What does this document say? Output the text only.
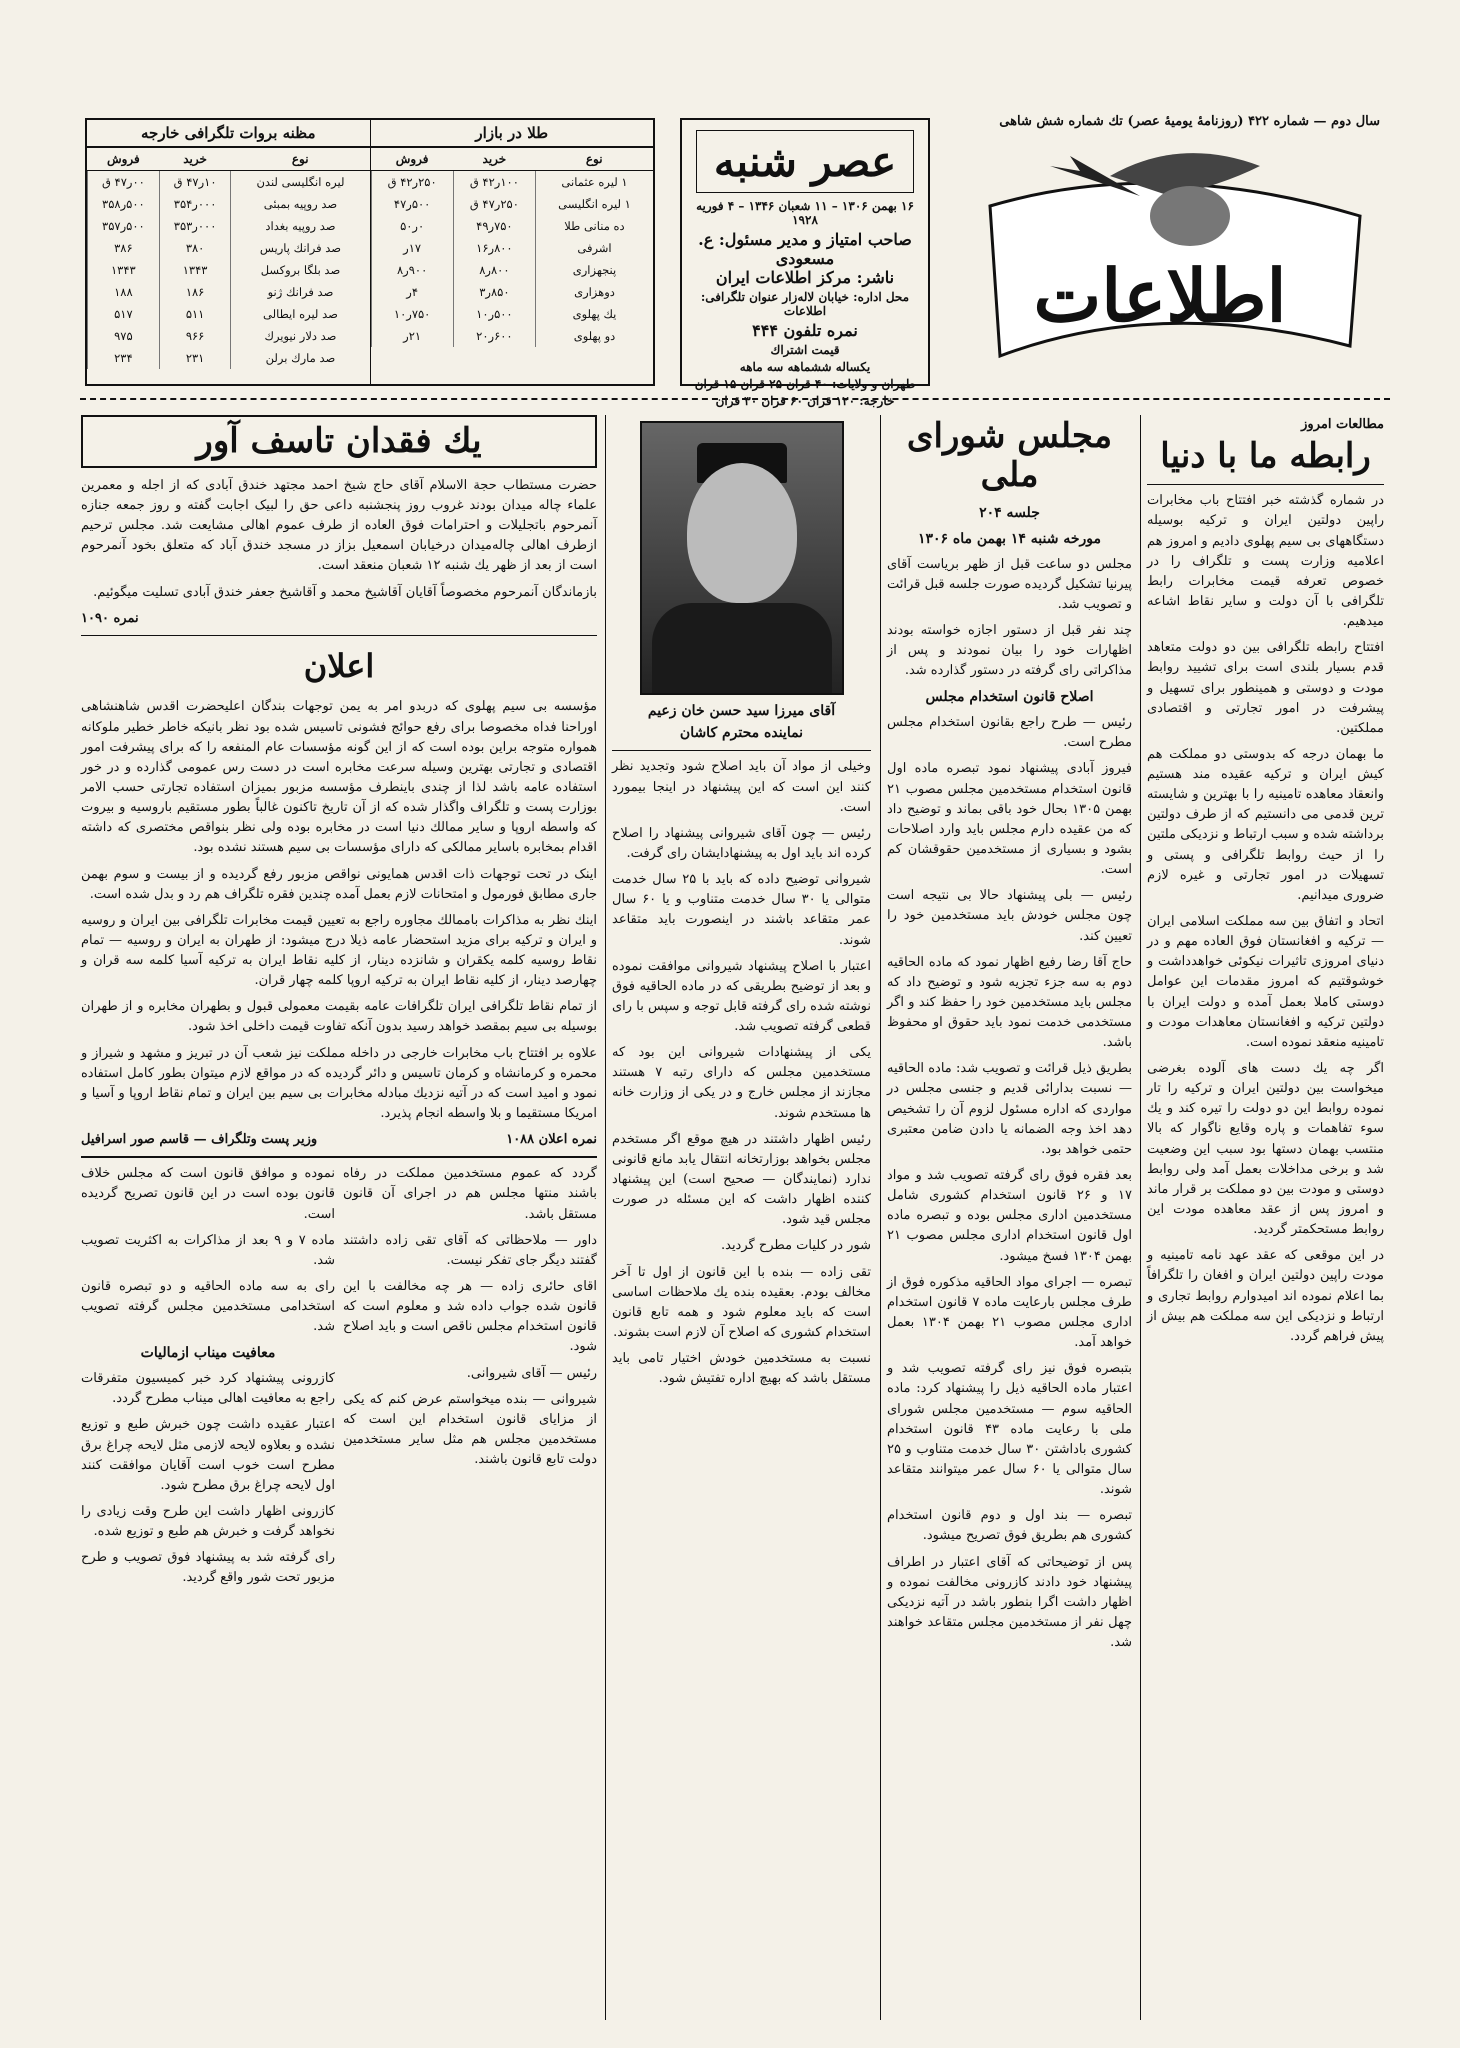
سال دوم — شماره ۴۲۲ (روزنامهٔ یومیهٔ عصر) تك شماره شش شاهی
اطلاعات
عصر شنبه
۱۶ بهمن ۱۳۰۶ – ۱۱ شعبان ۱۳۴۶ – ۴ فوریه ۱۹۲۸
صاحب امتیاز و مدیر مسئول: ع. مسعودی
ناشر: مرکز اطلاعات ایران
محل اداره: خیابان لاله‌زار عنوان تلگرافی: اطلاعات
نمره تلفون ۴۴۴
قیمت اشتراك
یکساله ششماهه سه ماهه
طهران و ولایات: ۴۰ قران ۲۵ قران ۱۵ قران
خارجه: ۱۲۰ قران ۶۰ قران ۳۰ قران
طلا در بازار
نوع	خرید	فروش
۱ لیره عثمانی	۱۰۰ر۴۲ ق	۲۵۰ر۴۲ ق
۱ لیره انگلیسی	۲۵۰ر۴۷ ق	۵۰۰ر۴۷
ده منانی طلا	۷۵۰ر۴۹	۰ر۵۰
اشرفی	۸۰۰ر۱۶	۱۷ر
پنجهزاری	۸۰۰ر۸	۹۰۰ر۸
دوهزاری	۸۵۰ر۳	۴ر
یك پهلوی	۵۰۰ر۱۰	۷۵۰ر۱۰
دو پهلوی	۶۰۰ر۲۰	۲۱ر
مظنه بروات تلگرافی خارجه
نوع	خرید	فروش
لیره انگلیسی لندن	۱۰ر۴۷ ق	۰۰ر۴۷ ق
صد روپیه بمبئی	۰۰۰ر۳۵۴	۵۰۰ر۳۵۸
صد روپیه بغداد	۰۰۰ر۳۵۳	۵۰۰ر۳۵۷
صد فرانك پاریس	۳۸۰	۳۸۶
صد بلگا بروکسل	۱۳۴۳	۱۳۴۳
صد فرانك ژنو	۱۸۶	۱۸۸
صد لیره ایطالی	۵۱۱	۵۱۷
صد دلار نیویرك	۹۶۶	۹۷۵
صد مارك برلن	۲۳۱	۲۳۴
مطالعات امروز
رابطه ما با دنیا

در شماره گذشته خبر افتتاح باب مخابرات راپین دولتین ایران و ترکیه بوسیله دستگاههای بی سیم پهلوی دادیم و امروز هم اعلامیه وزارت پست و تلگراف را در خصوص تعرفه قیمت مخابرات رابط تلگرافی با آن دولت و سایر نقاط اشاعه میدهیم.

افتتاح رابطه تلگرافی بین دو دولت متعاهد قدم بسیار بلندی است برای تشیید روابط مودت و دوستی و همینطور برای تسهیل و پیشرفت در امور تجارتی و اقتصادی مملکتین.

ما بهمان درجه که بدوستی دو مملکت هم کیش ایران و ترکیه عقیده مند هستیم وانعقاد معاهده تامینیه را با بهترین و شایسته ترین قدمی می دانستیم که از طرف دولتین برداشته شده و سبب ارتباط و نزدیکی ملتین را از حیث روابط تلگرافی و پستی و تسهیلات در امور تجارتی و غیره لازم ضروری میدانیم.

اتحاد و اتفاق بین سه مملکت اسلامی ایران — ترکیه و افغانستان فوق العاده مهم و در دنیای امروزی تاثیرات نیکوئی خواهدداشت و خوشوقتیم که امروز مقدمات این عوامل دوستی کاملا بعمل آمده و دولت ایران با دولتین ترکیه و افغانستان معاهدات مودت و تامینیه منعقد نموده است.

اگر چه یك دست های آلوده بغرضی میخواست بین دولتین ایران و ترکیه را تار نموده روابط این دو دولت را تیره کند و یك سوء تفاهمات و پاره وقایع ناگوار که بالا منتسب بهمان دستها بود سبب این وضعیت شد و برخی مداخلات بعمل آمد ولی روابط دوستی و مودت بین دو مملکت بر قرار ماند و امروز پس از عقد معاهده مودت این روابط مستحکمتر گردید.

در این موقعی که عقد عهد نامه تامینیه و مودت راپین دولتین ایران و افغان را تلگرافاً بما اعلام نموده اند امیدوارم روابط تجاری و ارتباط و نزدیکی این سه مملکت هم بیش از پیش فراهم گردد.

مجلس شورای ملی
جلسه ۲۰۴
مورخه شنبه ۱۴ بهمن ماه ۱۳۰۶

مجلس دو ساعت قبل از ظهر بریاست آقای پیرنیا تشکیل گردیده صورت جلسه قبل قرائت و تصویب شد.

چند نفر قبل از دستور اجازه خواسته بودند اظهارات خود را بیان نمودند و پس از مذاکراتی رای گرفته در دستور گذارده شد.

اصلاح قانون استخدام مجلس

رئیس — طرح راجع بقانون استخدام مجلس مطرح است.

فیروز آبادی پیشنهاد نمود تبصره ماده اول قانون استخدام مستخدمین مجلس مصوب ۲۱ بهمن ۱۳۰۵ بحال خود باقی بماند و توضیح داد که من عقیده دارم مجلس باید وارد اصلاحات بشود و بسیاری از مستخدمین حقوقشان کم است.

رئیس — بلی پیشنهاد حالا بی نتیجه است چون مجلس خودش باید مستخدمین خود را تعیین کند.

حاج آقا رضا رفیع اظهار نمود که ماده الحاقیه دوم به سه جزء تجزیه شود و توضیح داد که مجلس باید مستخدمین خود را حفظ کند و اگر مستخدمی خدمت نمود باید حقوق او محفوظ باشد.

بطریق ذیل قرائت و تصویب شد: ماده الحاقیه — نسبت بدارائی قدیم و جنسی مجلس در مواردی که اداره مسئول لزوم آن را تشخیص دهد اخذ وجه الضمانه یا دادن ضامن معتبری حتمی خواهد بود.

بعد فقره فوق رای گرفته تصویب شد و مواد ۱۷ و ۲۶ قانون استخدام کشوری شامل مستخدمین اداری مجلس بوده و تبصره ماده اول قانون استخدام اداری مجلس مصوب ۲۱ بهمن ۱۳۰۴ فسخ میشود.

تبصره — اجرای مواد الحاقیه مذکوره فوق از طرف مجلس بارعایت ماده ۷ قانون استخدام اداری مجلس مصوب ۲۱ بهمن ۱۳۰۴ بعمل خواهد آمد.

بتبصره فوق نیز رای گرفته تصویب شد و اعتبار ماده الحاقیه ذیل را پیشنهاد کرد: ماده الحاقیه سوم — مستخدمین مجلس شورای ملی با رعایت ماده ۴۳ قانون استخدام کشوری باداشتن ۳۰ سال خدمت متناوب و ۲۵ سال متوالی یا ۶۰ سال عمر میتوانند متقاعد شوند.

تبصره — بند اول و دوم قانون استخدام کشوری هم بطریق فوق تصریح میشود.

پس از توضیحاتی که آقای اعتبار در اطراف پیشنهاد خود دادند کازرونی مخالفت نموده و اظهار داشت اگرا بنطور باشد در آتیه نزدیکی چهل نفر از مستخدمین مجلس متقاعد خواهند شد.

آقای میرزا سید حسن خان زعیم
نماینده محترم کاشان

وخیلی از مواد آن باید اصلاح شود وتجدید نظر کنند این است که این پیشنهاد در اینجا بیمورد است.

رئیس — چون آقای شیروانی پیشنهاد را اصلاح کرده اند باید اول به پیشنهادایشان رای گرفت.

شیروانی توضیح داده که باید با ۲۵ سال خدمت متوالی یا ۳۰ سال خدمت متناوب و یا ۶۰ سال عمر متقاعد باشند در اینصورت باید متقاعد شوند.

اعتبار با اصلاح پیشنهاد شیروانی موافقت نموده و بعد از توضیح بطریقی که در ماده الحاقیه فوق نوشته شده رای گرفته قابل توجه و سپس با رای قطعی گرفته تصویب شد.

یکی از پیشنهادات شیروانی این بود که مستخدمین مجلس که دارای رتبه ۷ هستند مجازند از مجلس خارج و در یکی از وزارت خانه ها مستخدم شوند.

رئیس اظهار داشتند در هیچ موقع اگر مستخدم مجلس بخواهد بوزارتخانه انتقال یابد مانع قانونی ندارد (نمایندگان — صحیح است) این پیشنهاد کننده اظهار داشت که این مسئله در صورت مجلس قید شود.

شور در کلیات مطرح گردید.

تقی زاده — بنده با این قانون از اول تا آخر مخالف بودم. بعقیده بنده یك ملاحظات اساسی است که باید معلوم شود و همه تابع قانون استخدام کشوری که اصلاح آن لازم است بشوند.

نسبت به مستخدمین خودش اختیار تامی باید مستقل باشد که بهیچ اداره تفتیش شود.

یك فقدان تاسف آور

حضرت مستطاب حجة الاسلام آقای حاج شیخ احمد مجتهد خندق آبادی که از اجله و معمرین علماء چاله میدان بودند غروب روز پنجشنبه داعی حق را لبیک اجابت گفته و روز جمعه جنازه آنمرحوم باتجلیلات و احترامات فوق العاده از طرف عموم اهالی مشایعت شد. مجلس ترحیم ازطرف اهالی چاله‌میدان درخیابان اسمعیل بزاز در مسجد خندق آباد که متعلق بخود آنمرحوم است از بعد از ظهر یك شنبه ۱۲ شعبان منعقد است.

بازماندگان آنمرحوم مخصوصاً آقایان آقاشیخ محمد و آقاشیخ جعفر خندق آبادی تسلیت میگوئیم.

نمره ۱۰۹۰
اعلان

مؤسسه بی سیم پهلوی که دربدو امر به یمن توجهات بندگان اعلیحضرت اقدس شاهنشاهی اوراحنا فداه مخصوصا برای رفع حوائج فشونی تاسیس شده بود نظر بانیکه خاطر خطیر ملوکانه همواره متوجه براین بوده است که از این گونه مؤسسات عام المنفعه را که برای پیشرفت امور اقتصادی و تجارتی بهترین وسیله سرعت مخابره است در دست رس عمومی گذارده و در خور استفاده عامه باشد لذا از چندی باینطرف مؤسسه مزبور بمیزان استفاده تجارتی حسب الامر بوزارت پست و تلگراف واگذار شده که از آن تاریخ تاکنون غالباً بطور مستقیم باروسیه و بیروت که واسطه اروپا و سایر ممالك دنیا است در مخابره بوده ولی نظر بنواقص مختصری که داشته اقدام بمخابره باسایر ممالکی که دارای مؤسسات بی سیم هستند نشده بود.

اینک در تحت توجهات ذات اقدس همایونی نواقص مزبور رفع گردیده و از بیست و سوم بهمن جاری مطابق فورمول و امتحانات لازم بعمل آمده چندین فقره تلگراف هم رد و بدل شده است.

اینك نظر به مذاکرات باممالك مجاوره راجع به تعیین قیمت مخابرات تلگرافی بین ایران و روسیه و ایران و ترکیه برای مزید استحضار عامه ذیلا درج میشود: از طهران به ایران و روسیه — تمام نقاط روسیه کلمه یکقران و شانزده دینار، از کلیه نقاط ایران به ترکیه آسیا کلمه سه قران و چهارصد دینار، از کلیه نقاط ایران به ترکیه اروپا کلمه چهار قران.

از تمام نقاط تلگرافی ایران تلگرافات عامه بقیمت معمولی قبول و بطهران مخابره و از طهران بوسیله بی سیم بمقصد خواهد رسید بدون آنکه تفاوت قیمت داخلی اخذ شود.

علاوه بر افتتاح باب مخابرات خارجی در داخله مملکت نیز شعب آن در تبریز و مشهد و شیراز و محمره و کرمانشاه و کرمان تاسیس و دائر گردیده که در مواقع لازم میتوان بطور کامل استفاده نمود و امید است که در آتیه نزدیك مبادله مخابرات بی سیم بین ایران و تمام نقاط اروپا و آسیا و امریکا مستقیما و بلا واسطه انجام پذیرد.

نمره اعلان ۱۰۸۸
وزیر پست وتلگراف — قاسم صور اسرافیل

گردد که عموم مستخدمین مملکت در رفاه باشند منتها مجلس هم در اجرای آن قانون مستقل باشد.

داور — ملاحظاتی که آقای تقی زاده داشتند گفتند دیگر جای تفکر نیست.

اقای حائری زاده — هر چه مخالفت با این قانون شده جواب داده شد و معلوم است که قانون استخدام مجلس ناقص است و باید اصلاح شود.

رئیس — آقای شیروانی.

شیروانی — بنده میخواستم عرض کنم که یکی از مزایای قانون استخدام این است که مستخدمین مجلس هم مثل سایر مستخدمین دولت تابع قانون باشند.

نموده و موافق قانون است که مجلس خلاف قانون بوده است در این قانون تصریح گردیده است.

ماده ۷ و ۹ بعد از مذاکرات به اکثریت تصویب شد.

رای به سه ماده الحاقیه و دو تبصره قانون استخدامی مستخدمین مجلس گرفته تصویب شد.

معافیت میناب ازمالیات

کازرونی پیشنهاد کرد خبر کمیسیون متفرقات راجع به معافیت اهالی میناب مطرح گردد.

اعتبار عقیده داشت چون خبرش طبع و توزیع نشده و بعلاوه لایحه لازمی مثل لایحه چراغ برق مطرح است خوب است آقایان موافقت کنند اول لایحه چراغ برق مطرح شود.

کازرونی اظهار داشت این طرح وقت زیادی را نخواهد گرفت و خبرش هم طبع و توزیع شده.

رای گرفته شد به پیشنهاد فوق تصویب و طرح مزبور تحت شور واقع گردید.
